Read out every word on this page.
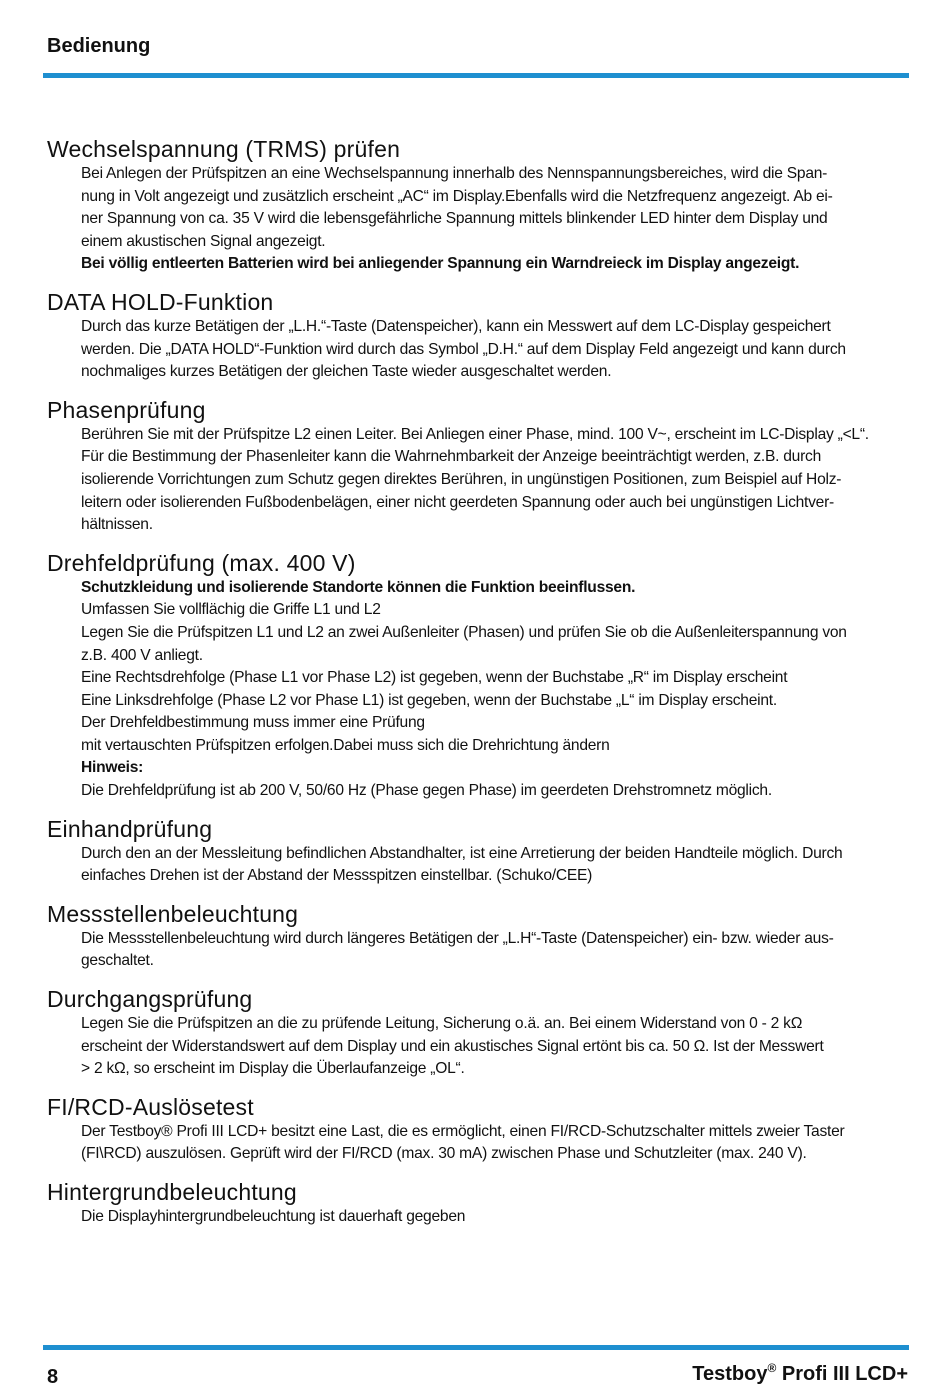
Bedienung
Wechselspannung (TRMS) prüfen

Bei Anlegen der Prüfspitzen an eine Wechselspannung innerhalb des Nennspannungsbereiches, wird die Span-

nung in Volt angezeigt und zusätzlich erscheint „AC“ im Display.Ebenfalls wird die Netzfrequenz angezeigt. Ab ei-

ner Spannung von ca. 35 V wird die lebensgefährliche Spannung mittels blinkender LED hinter dem Display und

einem akustischen Signal angezeigt.

Bei völlig entleerten Batterien wird bei anliegender Spannung ein Warndreieck im Display angezeigt.

DATA HOLD-Funktion

Durch das kurze Betätigen der „L.H.“-Taste (Datenspeicher), kann ein Messwert auf dem LC-Display gespeichert

werden. Die „DATA HOLD“-Funktion wird durch das Symbol „D.H.“ auf dem Display Feld angezeigt und kann durch

nochmaliges kurzes Betätigen der gleichen Taste wieder ausgeschaltet werden.

Phasenprüfung

Berühren Sie mit der Prüfspitze L2 einen Leiter. Bei Anliegen einer Phase, mind. 100 V~, erscheint im LC-Display „<L“.

Für die Bestimmung der Phasenleiter kann die Wahrnehmbarkeit der Anzeige beeinträchtigt werden, z.B. durch

isolierende Vorrichtungen zum Schutz gegen direktes Berühren, in ungünstigen Positionen, zum Beispiel auf Holz-

leitern oder isolierenden Fußbodenbelägen, einer nicht geerdeten Spannung oder auch bei ungünstigen Lichtver-

hältnissen.

Drehfeldprüfung (max. 400 V)

Schutzkleidung und isolierende Standorte können die Funktion beeinflussen.

Umfassen Sie vollflächig die Griffe L1 und L2

Legen Sie die Prüfspitzen L1 und L2 an zwei Außenleiter (Phasen) und prüfen Sie ob die Außenleiterspannung von

z.B. 400 V anliegt.

Eine Rechtsdrehfolge (Phase L1 vor Phase L2) ist gegeben, wenn der Buchstabe „R“ im Display erscheint

Eine Linksdrehfolge (Phase L2 vor Phase L1) ist gegeben, wenn der Buchstabe „L“ im Display erscheint.

Der Drehfeldbestimmung muss immer eine Prüfung

mit vertauschten Prüfspitzen erfolgen.Dabei muss sich die Drehrichtung ändern

Hinweis:

Die Drehfeldprüfung ist ab 200 V, 50/60 Hz (Phase gegen Phase) im geerdeten Drehstromnetz möglich.

Einhandprüfung

Durch den an der Messleitung befindlichen Abstandhalter, ist eine Arretierung der beiden Handteile möglich. Durch

einfaches Drehen ist der Abstand der Messspitzen einstellbar. (Schuko/CEE)

Messstellenbeleuchtung

Die Messstellenbeleuchtung wird durch längeres Betätigen der „L.H“-Taste (Datenspeicher) ein- bzw. wieder aus-

geschaltet.

Durchgangsprüfung

Legen Sie die Prüfspitzen an die zu prüfende Leitung, Sicherung o.ä. an. Bei einem Widerstand von 0 - 2 kΩ

erscheint der Widerstandswert auf dem Display und ein akustisches Signal ertönt bis ca. 50 Ω. Ist der Messwert

> 2 kΩ, so erscheint im Display die Überlaufanzeige „OL“.

FI/RCD-Auslösetest

Der Testboy® Profi III LCD+ besitzt eine Last, die es ermöglicht, einen FI/RCD-Schutzschalter mittels zweier Taster

(FI\RCD) auszulösen. Geprüft wird der FI/RCD (max. 30 mA) zwischen Phase und Schutzleiter (max. 240 V).

Hintergrundbeleuchtung

Die Displayhintergrundbeleuchtung ist dauerhaft gegeben

8	Testboy® Profi III LCD+
